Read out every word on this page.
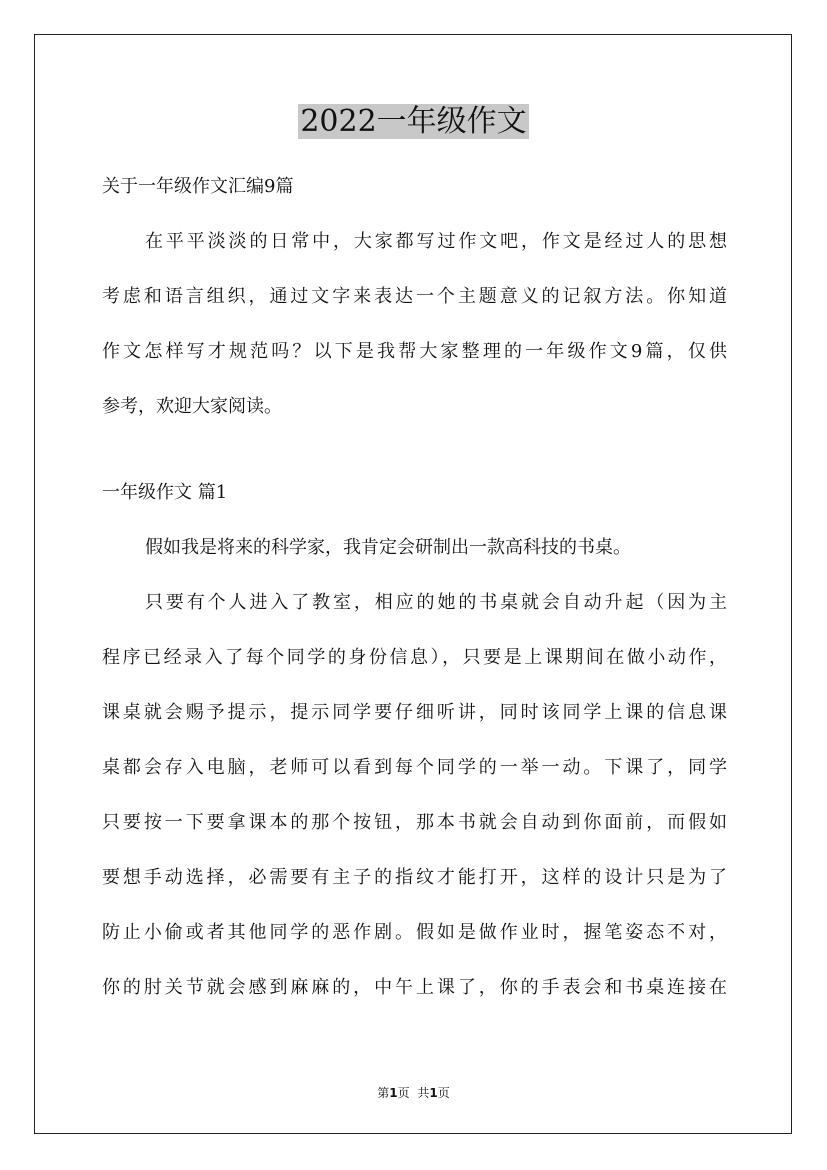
2022一年级作文
关于一年级作文汇编9篇
在平平淡淡的日常中，大家都写过作文吧，作文是经过人的思想
考虑和语言组织，通过文字来表达一个主题意义的记叙方法。你知道
作文怎样写才规范吗？以下是我帮大家整理的一年级作文9篇，仅供
参考，欢迎大家阅读。
一年级作文 篇1
假如我是将来的科学家，我肯定会研制出一款高科技的书桌。
只要有个人进入了教室，相应的她的书桌就会自动升起（因为主
程序已经录入了每个同学的身份信息），只要是上课期间在做小动作，
课桌就会赐予提示，提示同学要仔细听讲，同时该同学上课的信息课
桌都会存入电脑，老师可以看到每个同学的一举一动。下课了，同学
只要按一下要拿课本的那个按钮，那本书就会自动到你面前，而假如
要想手动选择，必需要有主子的指纹才能打开，这样的设计只是为了
防止小偷或者其他同学的恶作剧。假如是做作业时，握笔姿态不对，
你的肘关节就会感到麻麻的，中午上课了，你的手表会和书桌连接在
第1页 共1页
